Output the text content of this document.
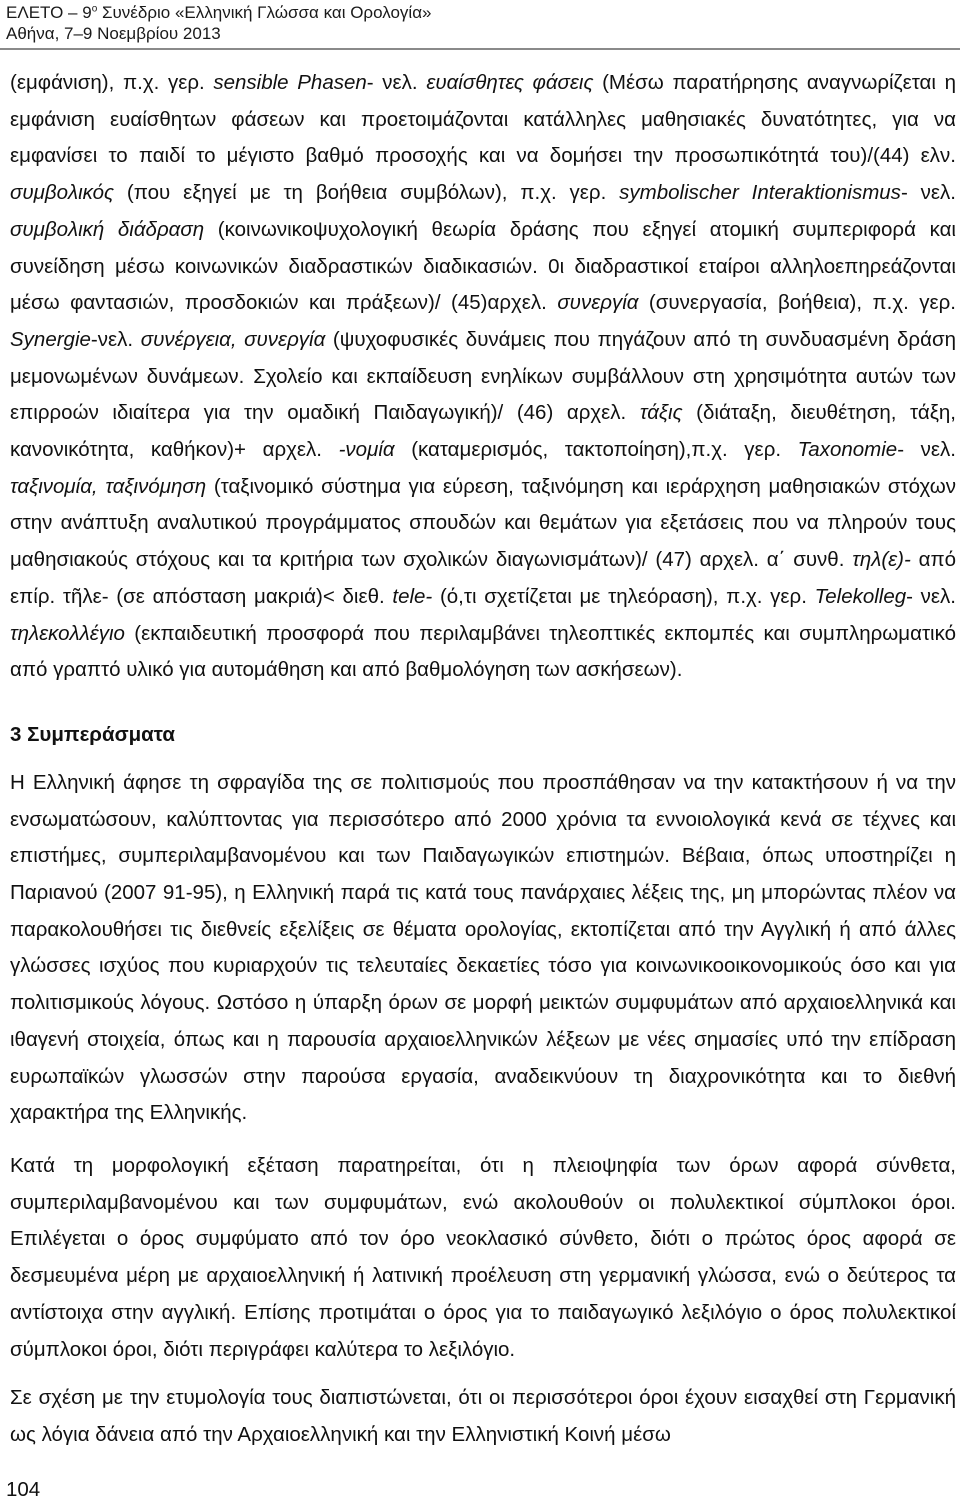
ΕΛΕΤΟ – $9^o$ Συνέδριο «Ελληνική Γλώσσα και Ορολογία»
Αθήνα, 7–9 Νοεμβρίου 2013

(εμφάνιση), π.χ. γερ. sensible Phasen- νελ. ευαίσθητες φάσεις (Μέσω παρατήρησης αναγνωρίζεται η εμφάνιση ευαίσθητων φάσεων και προετοιμάζονται κατάλληλες μαθησιακές δυνατότητες, για να εμφανίσει το παιδί το μέγιστο βαθμό προσοχής και να δομήσει την προσωπικότητά του)/(44) ελν. συμβολικός (που εξηγεί με τη βοήθεια συμβόλων), π.χ. γερ. symbolischer Interaktionismus- νελ. συμβολική διάδραση (κοινωνικοψυχολογική θεωρία δράσης που εξηγεί ατομική συμπεριφορά και συνείδηση μέσω κοινωνικών διαδραστικών διαδικασιών. 0ι διαδραστικοί εταίροι αλληλοεπηρεάζονται μέσω φαντασιών, προσδοκιών και πράξεων)/ (45)αρχελ. συνεργία (συνεργασία, βοήθεια), π.χ. γερ. Synergie-νελ. συνέργεια, συνεργία (ψυχοφυσικές δυνάμεις που πηγάζουν από τη συνδυασμένη δράση μεμονωμένων δυνάμεων. Σχολείο και εκπαίδευση ενηλίκων συμβάλλουν στη χρησιμότητα αυτών των επιρροών ιδιαίτερα για την ομαδική Παιδαγωγική)/ (46) αρχελ. τάξις (διάταξη, διευθέτηση, τάξη, κανονικότητα, καθήκον)+ αρχελ. -νομία (καταμερισμός, τακτοποίηση),π.χ. γερ. Taxonomie- νελ. ταξινομία, ταξινόμηση (ταξινομικό σύστημα για εύρεση, ταξινόμηση και ιεράρχηση μαθησιακών στόχων στην ανάπτυξη αναλυτικού προγράμματος σπουδών και θεμάτων για εξετάσεις που να πληρούν τους μαθησιακούς στόχους και τα κριτήρια των σχολικών διαγωνισμάτων)/ (47) αρχελ. α΄ συνθ. τηλ(ε)- από επίρ. τῆλε- (σε απόσταση μακριά)< διεθ. tele- (ό,τι σχετίζεται με τηλεόραση), π.χ. γερ. Telekolleg- νελ. τηλεκολλέγιο (εκπαιδευτική προσφορά που περιλαμβάνει τηλεοπτικές εκπομπές και συμπληρωματικό από γραπτό υλικό για αυτομάθηση και από βαθμολόγηση των ασκήσεων).

3 Συμπεράσματα

Η Ελληνική άφησε τη σφραγίδα της σε πολιτισμούς που προσπάθησαν να την κατακτήσουν ή να την ενσωματώσουν, καλύπτοντας για περισσότερο από 2000 χρόνια τα εννοιολογικά κενά σε τέχνες και επιστήμες, συμπεριλαμβανομένου και των Παιδαγωγικών επιστημών. Βέβαια, όπως υποστηρίζει η Παριανού (2007 91-95), η Ελληνική παρά τις κατά τους πανάρχαιες λέξεις της, μη μπορώντας πλέον να παρακολουθήσει τις διεθνείς εξελίξεις σε θέματα ορολογίας, εκτοπίζεται από την Αγγλική ή από άλλες γλώσσες ισχύος που κυριαρχούν τις τελευταίες δεκαετίες τόσο για κοινωνικοοικονομικούς όσο και για πολιτισμικούς λόγους. Ωστόσο η ύπαρξη όρων σε μορφή μεικτών συμφυμάτων από αρχαιοελληνικά και ιθαγενή στοιχεία, όπως και η παρουσία αρχαιοελληνικών λέξεων με νέες σημασίες υπό την επίδραση ευρωπαϊκών γλωσσών στην παρούσα εργασία, αναδεικνύουν τη διαχρονικότητα και το διεθνή χαρακτήρα της Ελληνικής.

Κατά τη μορφολογική εξέταση παρατηρείται, ότι η πλειοψηφία των όρων αφορά σύνθετα, συμπεριλαμβανομένου και των συμφυμάτων, ενώ ακολουθούν οι πολυλεκτικοί σύμπλοκοι όροι. Επιλέγεται ο όρος συμφύματο από τον όρο νεοκλασικό σύνθετο, διότι ο πρώτος όρος αφορά σε δεσμευμένα μέρη με αρχαιοελληνική ή λατινική προέλευση στη γερμανική γλώσσα, ενώ ο δεύτερος τα αντίστοιχα στην αγγλική. Επίσης προτιμάται ο όρος για το παιδαγωγικό λεξιλόγιο ο όρος πολυλεκτικοί σύμπλοκοι όροι, διότι περιγράφει καλύτερα το λεξιλόγιο.

Σε σχέση με την ετυμολογία τους διαπιστώνεται, ότι οι περισσότεροι όροι έχουν εισαχθεί στη Γερμανική ως λόγια δάνεια από την Αρχαιοελληνική και την Ελληνιστική Κοινή μέσω

104
